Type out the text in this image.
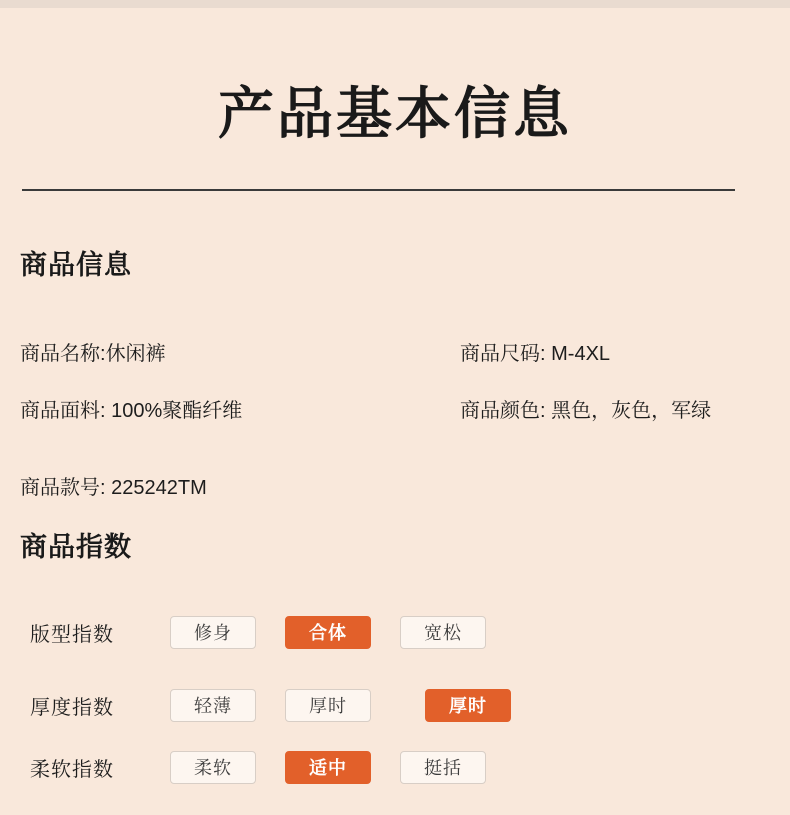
产品基本信息
商品信息
商品名称:休闲裤	商品尺码: M-4XL
商品面料: 100%聚酯纤维	商品颜色: 黑色，灰色，军绿
商品款号: 225242TM
商品指数
版型指数	修身	合体	宽松
厚度指数	轻薄	厚时	厚时
柔软指数	柔软	适中	挺括
